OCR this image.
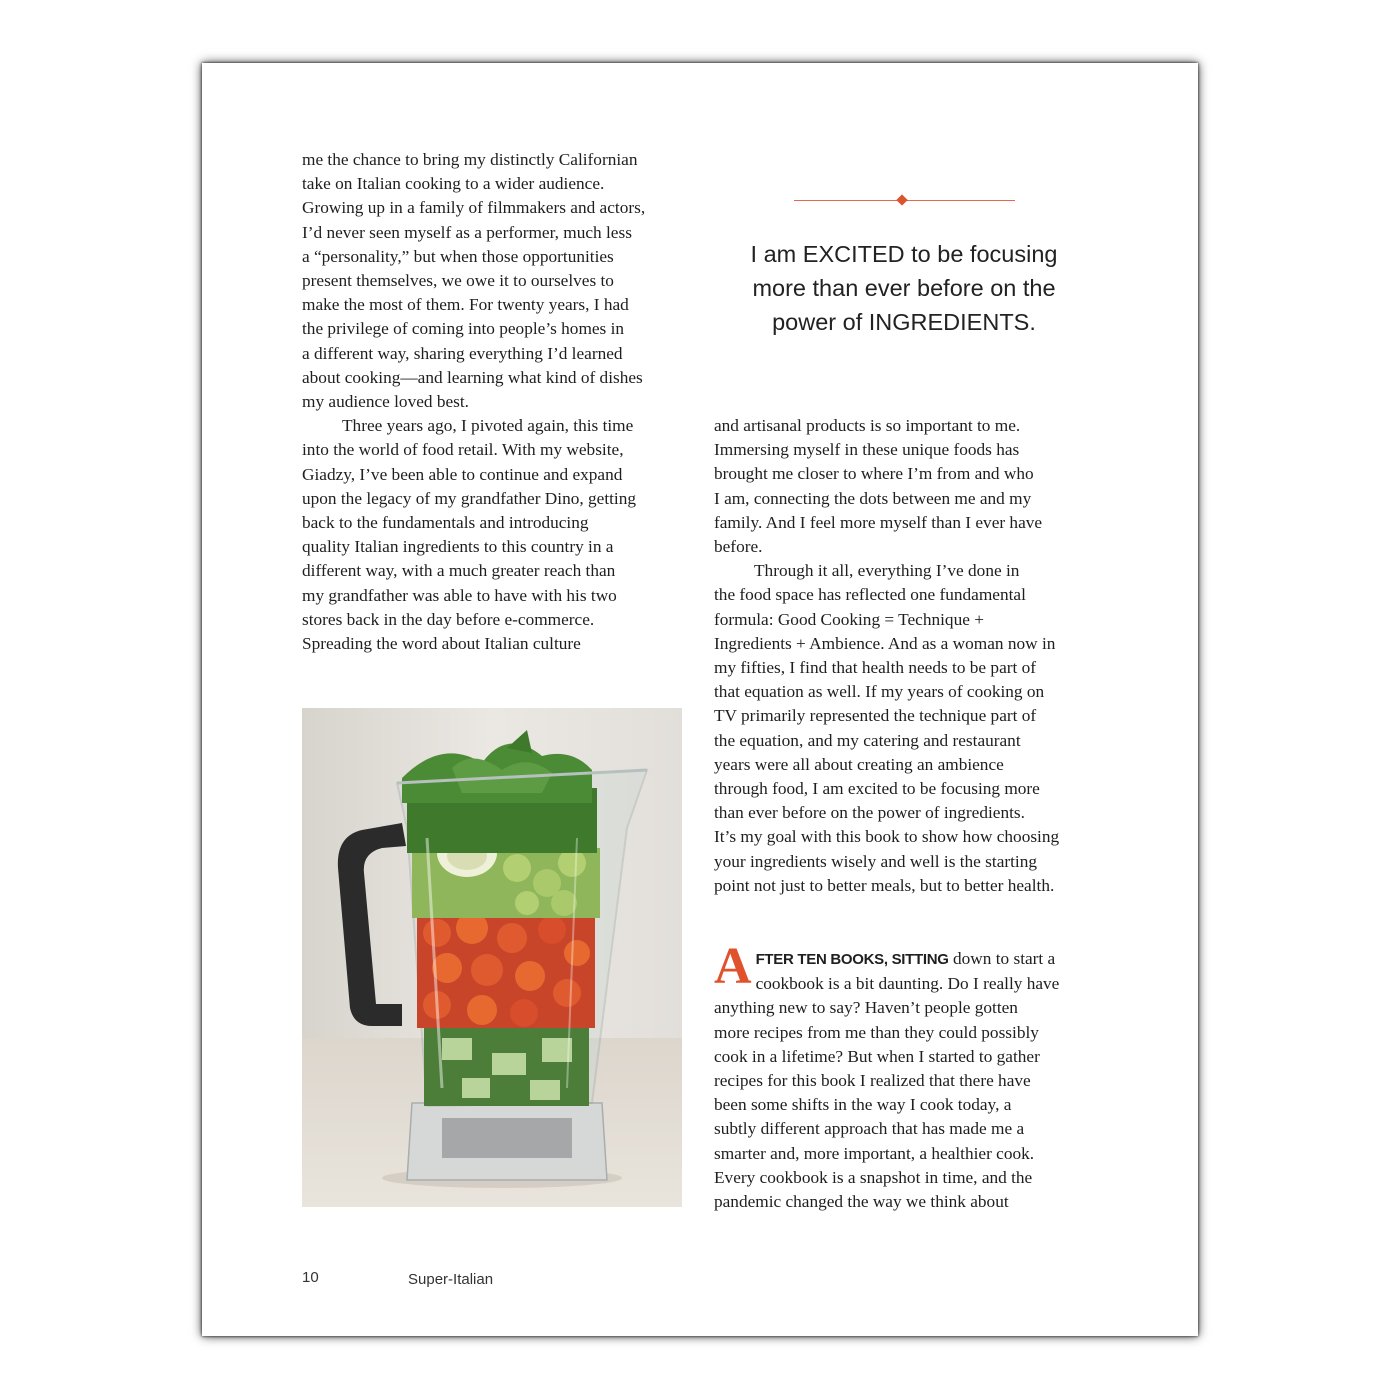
me the chance to bring my distinctly Californian

take on Italian cooking to a wider audience.

Growing up in a family of filmmakers and actors,

I’d never seen myself as a performer, much less

a “personality,” but when those opportunities

present themselves, we owe it to ourselves to

make the most of them. For twenty years, I had

the privilege of coming into people’s homes in

a different way, sharing everything I’d learned

about cooking—and learning what kind of dishes

my audience loved best.

Three years ago, I pivoted again, this time

into the world of food retail. With my website,

Giadzy, I’ve been able to continue and expand

upon the legacy of my grandfather Dino, getting

back to the fundamentals and introducing

quality Italian ingredients to this country in a

different way, with a much greater reach than

my grandfather was able to have with his two

stores back in the day before e-commerce.

Spreading the word about Italian culture

I am EXCITED to be focusing

more than ever before on the

power of INGREDIENTS.

and artisanal products is so important to me.

Immersing myself in these unique foods has

brought me closer to where I’m from and who

I am, connecting the dots between me and my

family. And I feel more myself than I ever have

before.

Through it all, everything I’ve done in

the food space has reflected one fundamental

formula: Good Cooking = Technique +

Ingredients + Ambience. And as a woman now in

my fifties, I find that health needs to be part of

that equation as well. If my years of cooking on

TV primarily represented the technique part of

the equation, and my catering and restaurant

years were all about creating an ambience

through food, I am excited to be focusing more

than ever before on the power of ingredients.

It’s my goal with this book to show how choosing

your ingredients wisely and well is the starting

point not just to better meals, but to better health.

A FTER TEN BOOKS, SITTING down to start a

cookbook is a bit daunting. Do I really have

anything new to say? Haven’t people gotten

more recipes from me than they could possibly

cook in a lifetime? But when I started to gather

recipes for this book I realized that there have

been some shifts in the way I cook today, a

subtly different approach that has made me a

smarter and, more important, a healthier cook.

Every cookbook is a snapshot in time, and the

pandemic changed the way we think about

10	Super-Italian
